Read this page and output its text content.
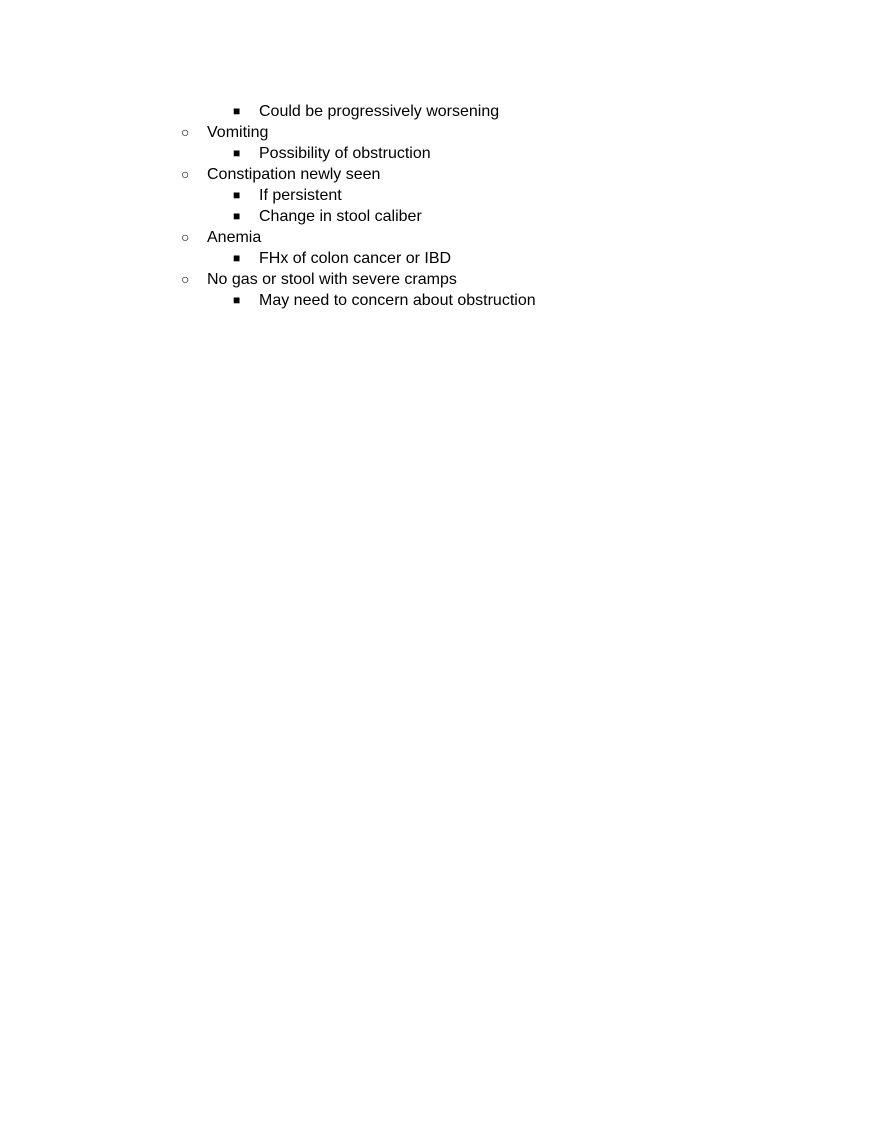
■ Could be progressively worsening
○ Vomiting
■ Possibility of obstruction
○ Constipation newly seen
■ If persistent
■ Change in stool caliber
○ Anemia
■ FHx of colon cancer or IBD
○ No gas or stool with severe cramps
■ May need to concern about obstruction
